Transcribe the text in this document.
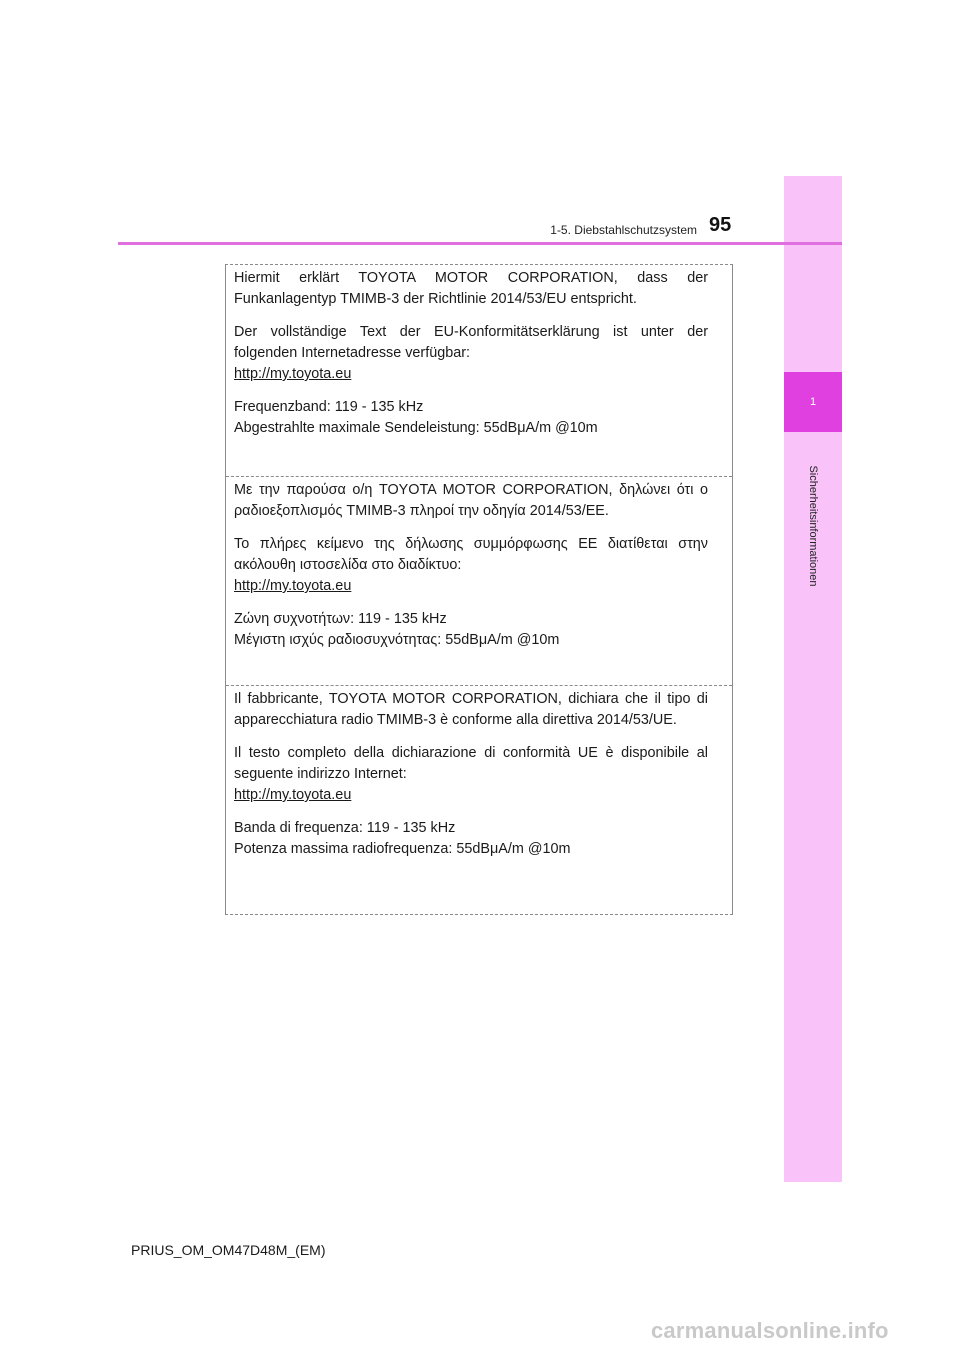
1
Sicherheitsinformationen
1-5. Diebstahlschutzsystem 95

Hiermit erklärt TOYOTA MOTOR CORPORATION, dass der Funkanlagentyp TMIMB-3 der Richtlinie 2014/53/EU entspricht.

Der vollständige Text der EU-Konformitätserklärung ist unter der folgenden Internetadresse verfügbar:

http://my.toyota.eu

Frequenzband: 119 - 135 kHz

Abgestrahlte maximale Sendeleistung: 55dBμA/m @10m

Με την παρούσα ο/η TOYOTA MOTOR CORPORATION, δηλώνει ότι ο ραδιοεξοπλισμός TMIMB-3 πληροί την οδηγία 2014/53/ΕΕ.

Το πλήρες κείμενο της δήλωσης συμμόρφωσης ΕΕ διατίθεται στην ακόλουθη ιστοσελίδα στο διαδίκτυο:

http://my.toyota.eu

Ζώνη συχνοτήτων: 119 - 135 kHz

Μέγιστη ισχύς ραδιοσυχνότητας: 55dBμA/m @10m

Il fabbricante, TOYOTA MOTOR CORPORATION, dichiara che il tipo di apparecchiatura radio TMIMB-3 è conforme alla direttiva 2014/53/UE.

Il testo completo della dichiarazione di conformità UE è disponibile al seguente indirizzo Internet:

http://my.toyota.eu

Banda di frequenza: 119 - 135 kHz

Potenza massima radiofrequenza: 55dBμA/m @10m

PRIUS_OM_OM47D48M_(EM)
carmanualsonline.info
